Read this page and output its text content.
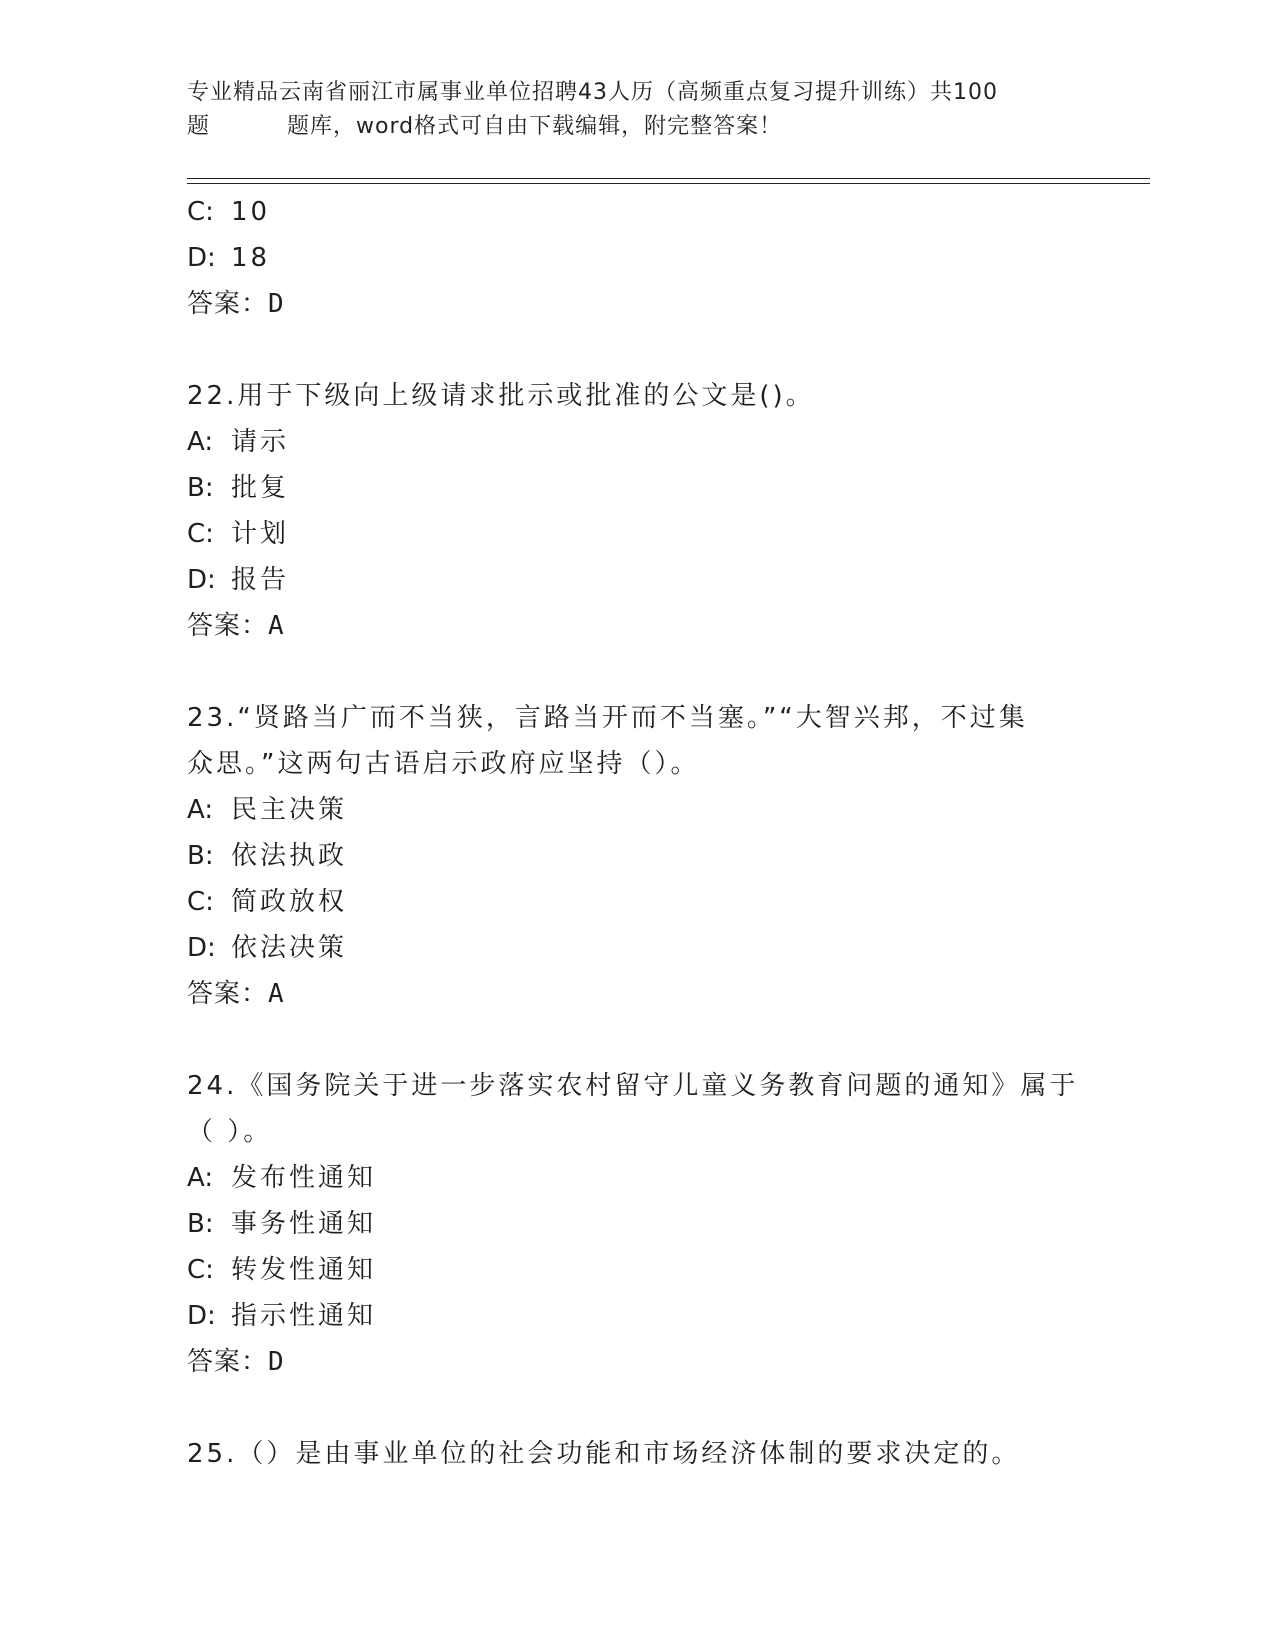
专业精品云南省丽江市属事业单位招聘43人历（高频重点复习提升训练）共100
题	题库，word格式可自由下载编辑，附完整答案！
C: 10
D: 18
答案：D
22.用于下级向上级请求批示或批准的公文是()。
A: 请示
B: 批复
C: 计划
D: 报告
答案：A
23.“贤路当广而不当狭，言路当开而不当塞。”“大智兴邦，不过集
众思。”这两句古语启示政府应坚持（）。
A: 民主决策
B: 依法执政
C: 简政放权
D: 依法决策
答案：A
24.《国务院关于进一步落实农村留守儿童义务教育问题的通知》属于
（ ）。
A: 发布性通知
B: 事务性通知
C: 转发性通知
D: 指示性通知
答案：D
25.（）是由事业单位的社会功能和市场经济体制的要求决定的。
